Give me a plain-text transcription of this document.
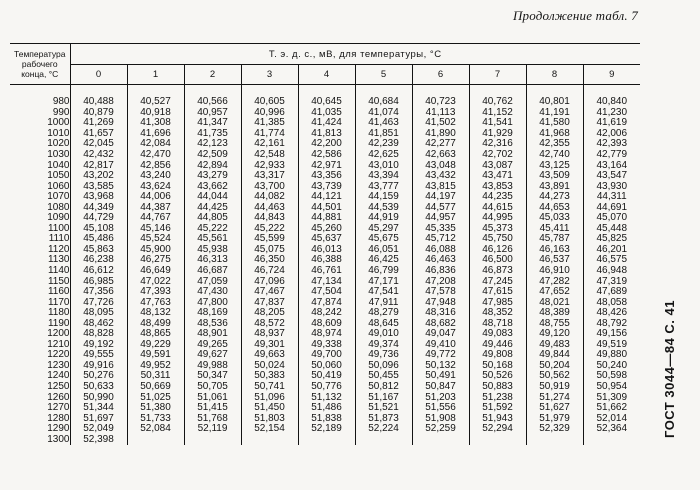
Продолжение табл. 7
ГОСТ 3044—84 С. 41
Температура рабочего конца, °С	Т. э. д. с., мВ, для температуры, °С									
	0	1	2	3	4	5	6	7	8	9

980	40,488	40,527	40,566	40,605	40,645	40,684	40,723	40,762	40,801	40,840
990	40,879	40,918	40,957	40,996	41,035	41,074	41,113	41,152	41,191	41,230
1000	41,269	41,308	41,347	41,385	41,424	41,463	41,502	41,541	41,580	41,619
1010	41,657	41,696	41,735	41,774	41,813	41,851	41,890	41,929	41,968	42,006
1020	42,045	42,084	42,123	42,161	42,200	42,239	42,277	42,316	42,355	42,393
1030	42,432	42,470	42,509	42,548	42,586	42,625	42,663	42,702	42,740	42,779
1040	42,817	42,856	42,894	42,933	42,971	43,010	43,048	43,087	43,125	43,164
1050	43,202	43,240	43,279	43,317	43,356	43,394	43,432	43,471	43,509	43,547
1060	43,585	43,624	43,662	43,700	43,739	43,777	43,815	43,853	43,891	43,930
1070	43,968	44,006	44,044	44,082	44,121	44,159	44,197	44,235	44,273	44,311
1080	44,349	44,387	44,425	44,463	44,501	44,539	44,577	44,615	44,653	44,691
1090	44,729	44,767	44,805	44,843	44,881	44,919	44,957	44,995	45,033	45,070
1100	45,108	45,146	45,222	45,222	45,260	45,297	45,335	45,373	45,411	45,448
1110	45,486	45,524	45,561	45,599	45,637	45,675	45,712	45,750	45,787	45,825
1120	45,863	45,900	45,938	45,075	46,013	46,051	46,088	46,126	46,163	46,201
1130	46,238	46,275	46,313	46,350	46,388	46,425	46,463	46,500	46,537	46,575
1140	46,612	46,649	46,687	46,724	46,761	46,799	46,836	46,873	46,910	46,948
1150	46,985	47,022	47,059	47,096	47,134	47,171	47,208	47,245	47,282	47,319
1160	47,356	47,393	47,430	47,467	47,504	47,541	47,578	47,615	47,652	47,689
1170	47,726	47,763	47,800	47,837	47,874	47,911	47,948	47,985	48,021	48,058
1180	48,095	48,132	48,169	48,205	48,242	48,279	48,316	48,352	48,389	48,426
1190	48,462	48,499	48,536	48,572	48,609	48,645	48,682	48,718	48,755	48,792
1200	48,828	48,865	48,901	48,937	48,974	49,010	49,047	49,083	49,120	49,156
1210	49,192	49,229	49,265	49,301	49,338	49,374	49,410	49,446	49,483	49,519
1220	49,555	49,591	49,627	49,663	49,700	49,736	49,772	49,808	49,844	49,880
1230	49,916	49,952	49,988	50,024	50,060	50,096	50,132	50,168	50,204	50,240
1240	50,276	50,311	50,347	50,383	50,419	50,455	50,491	50,526	50,562	50,598
1250	50,633	50,669	50,705	50,741	50,776	50,812	50,847	50,883	50,919	50,954
1260	50,990	51,025	51,061	51,096	51,132	51,167	51,203	51,238	51,274	51,309
1270	51,344	51,380	51,415	51,450	51,486	51,521	51,556	51,592	51,627	51,662
1280	51,697	51,733	51,768	51,803	51,838	51,873	51,908	51,943	51,979	52,014
1290	52,049	52,084	52,119	52,154	52,189	52,224	52,259	52,294	52,329	52,364
1300	52,398									
